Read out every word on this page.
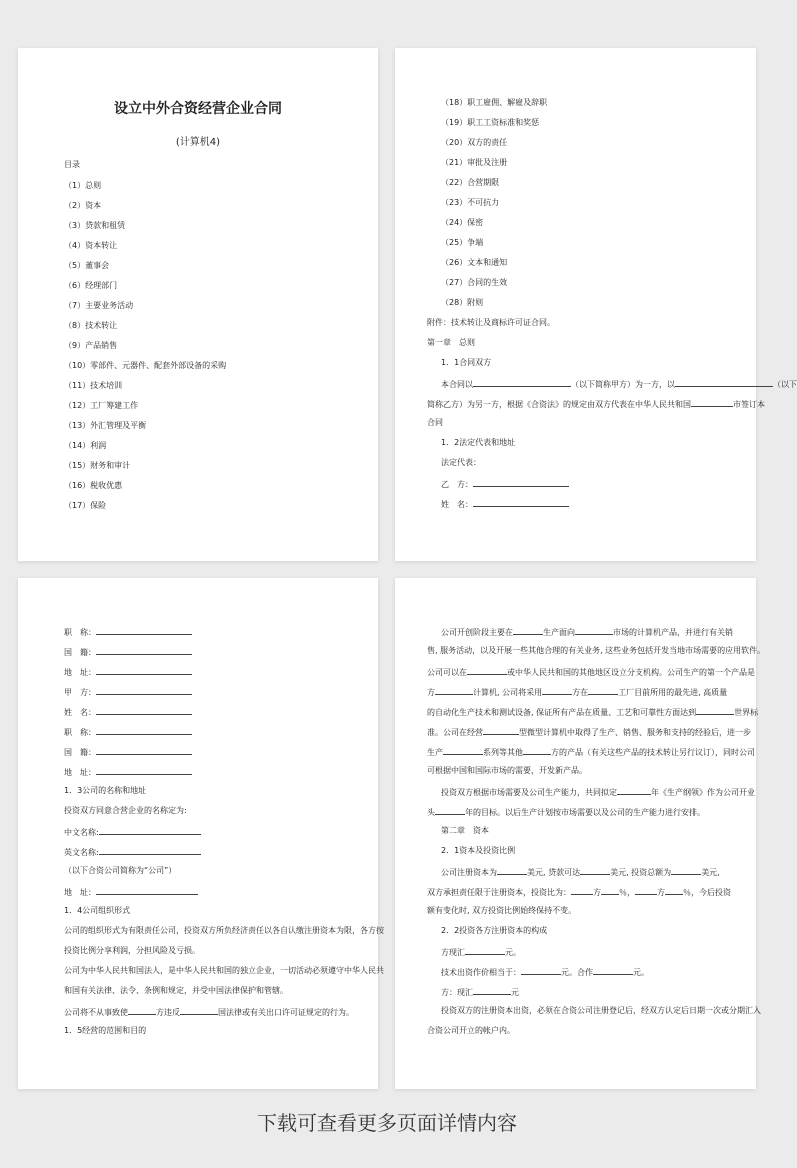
设立中外合资经营企业合同
(计算机4)
目录
（1）总则
（2）资本
（3）贷款和租赁
（4）资本转让
（5）董事会
（6）经理部门
（7）主要业务活动
（8）技术转让
（9）产品销售
（10）零部件、元器件、配套外部设备的采购
（11）技术培训
（12）工厂筹建工作
（13）外汇管理及平衡
（14）利润
（15）财务和审计
（16）税收优惠
（17）保险
（18）职工雇佣、解雇及辞职
（19）职工工资标准和奖惩
（20）双方的责任
（21）审批及注册
（22）合营期限
（23）不可抗力
（24）保密
（25）争端
（26）文本和通知
（27）合同的生效
（28）附则
附件：技术转让及商标许可证合同。
第一章　总则
1．1合同双方
本合同以	（以下简称甲方）为一方，以	（以下
简称乙方）为另一方，根据《合资法》的规定由双方代表在中华人民共和国	市签订本
合同
1．2法定代表和地址
法定代表：
乙　方：
姓　名：
职　称：
国　籍：
地　址：
甲　方：
姓　名：
职　称：
国　籍：
地　址：
1．3公司的名称和地址
投资双方同意合营企业的名称定为:
中文名称:
英文名称:
（以下合资公司简称为“公司”）
地　址：
1．4公司组织形式
公司的组织形式为有限责任公司，投资双方所负经济责任以各自认缴注册资本为限，各方按
投资比例分享利润，分担风险及亏损。
公司为中华人民共和国法人，是中华人民共和国的独立企业，一切活动必须遵守中华人民共
和国有关法律、法令、条例和规定，并受中国法律保护和管辖。
公司将不从事致使	方违反	国法律或有关出口许可证规定的行为。
1．5经营的范围和目的
公司开创阶段主要在	生产面向	市场的计算机产品，并进行有关销
售, 服务活动，以及开展一些其他合理的有关业务, 这些业务包括开发当地市场需要的应用软件。
公司可以在	或中华人民共和国的其他地区设立分支机构。公司生产的第一个产品是
方	计算机, 公司将采用	方在	工厂目前所用的最先进, 高质量
的自动化生产技术和测试设备, 保证所有产品在质量、工艺和可靠性方面达到	世界标
准。公司在经营	型微型计算机中取得了生产、销售、服务和支持的经验后，进一步
生产	系列等其他	方的产品（有关这些产品的技术转让另行议订），同时公司
可根据中国和国际市场的需要，开发新产品。
投资双方根据市场需要及公司生产能力，共同拟定	年《生产纲领》作为公司开业
头	年的目标。以后生产计划按市场需要以及公司的生产能力进行安排。
第二章　资本
2．1资本及投资比例
公司注册资本为	美元, 贷款可达	美元, 投资总额为	美元,
双方承担责任限于注册资本，投资比为：	方 ％，	方 ％，今后投资
额有变化时, 双方投资比例始终保持不变。
2．2投资各方注册资本的构成
方现汇	元。
技术出资作价相当于：	元。合作	元。
方：现汇	元
投资双方的注册资本出资，必须在合资公司注册登记后，经双方认定后日期一次或分期汇入
合资公司开立的帐户内。
下载可查看更多页面详情内容
